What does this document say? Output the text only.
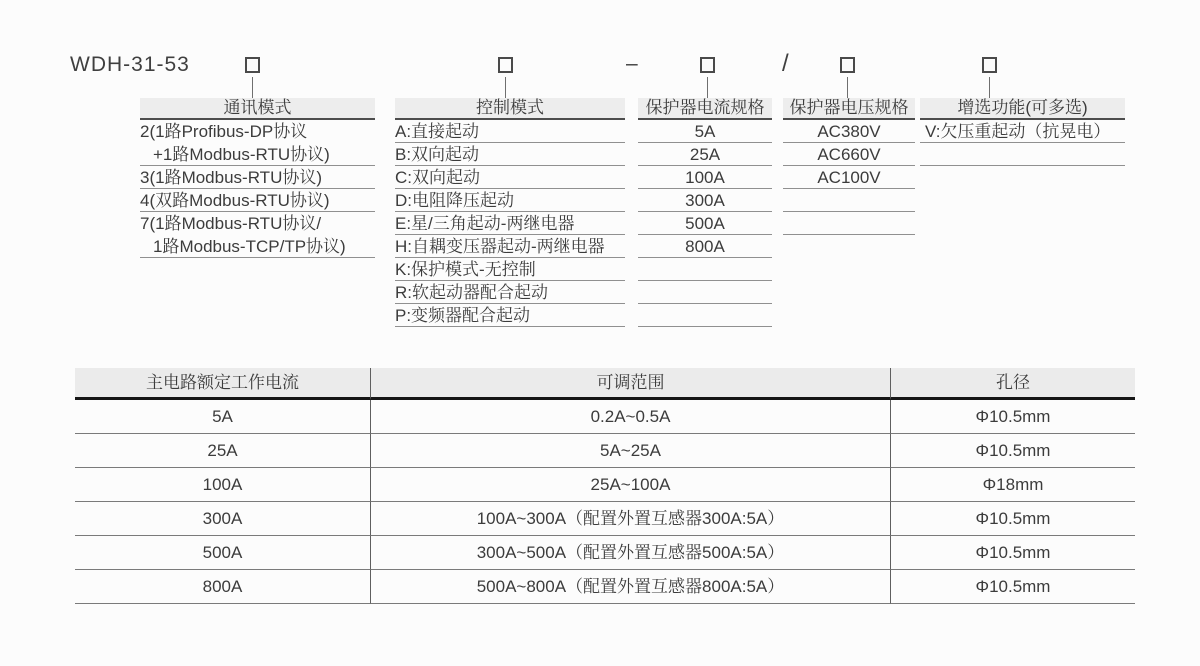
WDH-31-53	–	/
通讯模式
2(1路Profibus-DP协议
+1路Modbus-RTU协议)
3(1路Modbus-RTU协议)
4(双路Modbus-RTU协议)
7(1路Modbus-RTU协议/
1路Modbus-TCP/TP协议)
控制模式
A:直接起动
B:双向起动
C:双向起动
D:电阻降压起动
E:星/三角起动-两继电器
H:自耦变压器起动-两继电器
K:保护模式-无控制
R:软起动器配合起动
P:变频器配合起动
保护器电流规格
5A
25A
100A
300A
500A
800A
保护器电压规格
AC380V
AC660V
AC100V
增选功能(可多选)
V:欠压重起动（抗晃电）
主电路额定工作电流	可调范围	孔径
5A	0.2A~0.5A	Φ10.5mm
25A	5A~25A	Φ10.5mm
100A	25A~100A	Φ18mm
300A	100A~300A（配置外置互感器300A:5A）	Φ10.5mm
500A	300A~500A（配置外置互感器500A:5A）	Φ10.5mm
800A	500A~800A（配置外置互感器800A:5A）	Φ10.5mm
